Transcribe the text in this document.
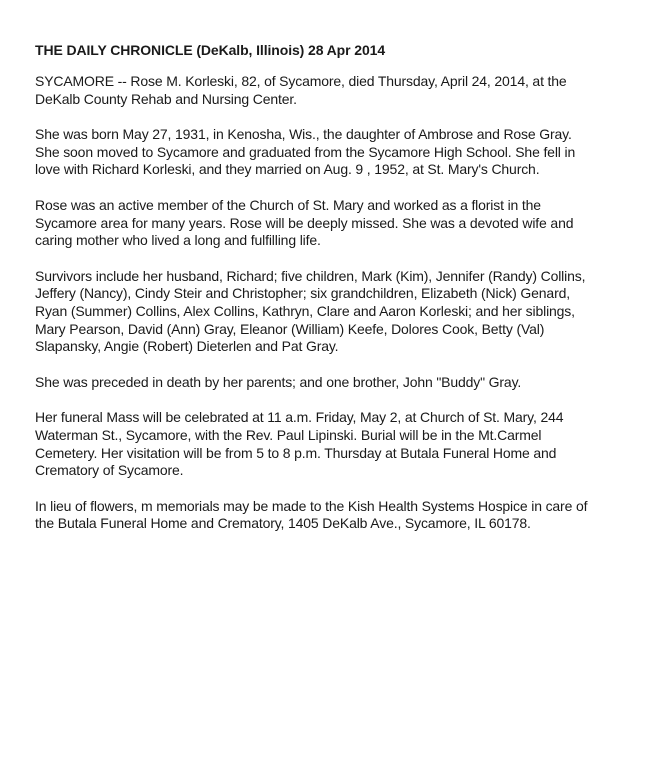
THE DAILY CHRONICLE (DeKalb, Illinois) 28 Apr 2014
SYCAMORE -- Rose M. Korleski, 82, of Sycamore, died Thursday, April 24, 2014, at the
DeKalb County Rehab and Nursing Center.
She was born May 27, 1931, in Kenosha, Wis., the daughter of Ambrose and Rose Gray.
She soon moved to Sycamore and graduated from the Sycamore High School. She fell in
love with Richard Korleski, and they married on Aug. 9 , 1952, at St. Mary's Church.
Rose was an active member of the Church of St. Mary and worked as a florist in the
Sycamore area for many years. Rose will be deeply missed. She was a devoted wife and
caring mother who lived a long and fulfilling life.
Survivors include her husband, Richard; five children, Mark (Kim), Jennifer (Randy) Collins,
Jeffery (Nancy), Cindy Steir and Christopher; six grandchildren, Elizabeth (Nick) Genard,
Ryan (Summer) Collins, Alex Collins, Kathryn, Clare and Aaron Korleski; and her siblings,
Mary Pearson, David (Ann) Gray, Eleanor (William) Keefe, Dolores Cook, Betty (Val)
Slapansky, Angie (Robert) Dieterlen and Pat Gray.
She was preceded in death by her parents; and one brother, John "Buddy" Gray.
Her funeral Mass will be celebrated at 11 a.m. Friday, May 2, at Church of St. Mary, 244
Waterman St., Sycamore, with the Rev. Paul Lipinski. Burial will be in the Mt.Carmel
Cemetery. Her visitation will be from 5 to 8 p.m. Thursday at Butala Funeral Home and
Crematory of Sycamore.
In lieu of flowers, m memorials may be made to the Kish Health Systems Hospice in care of
the Butala Funeral Home and Crematory, 1405 DeKalb Ave., Sycamore, IL 60178.
